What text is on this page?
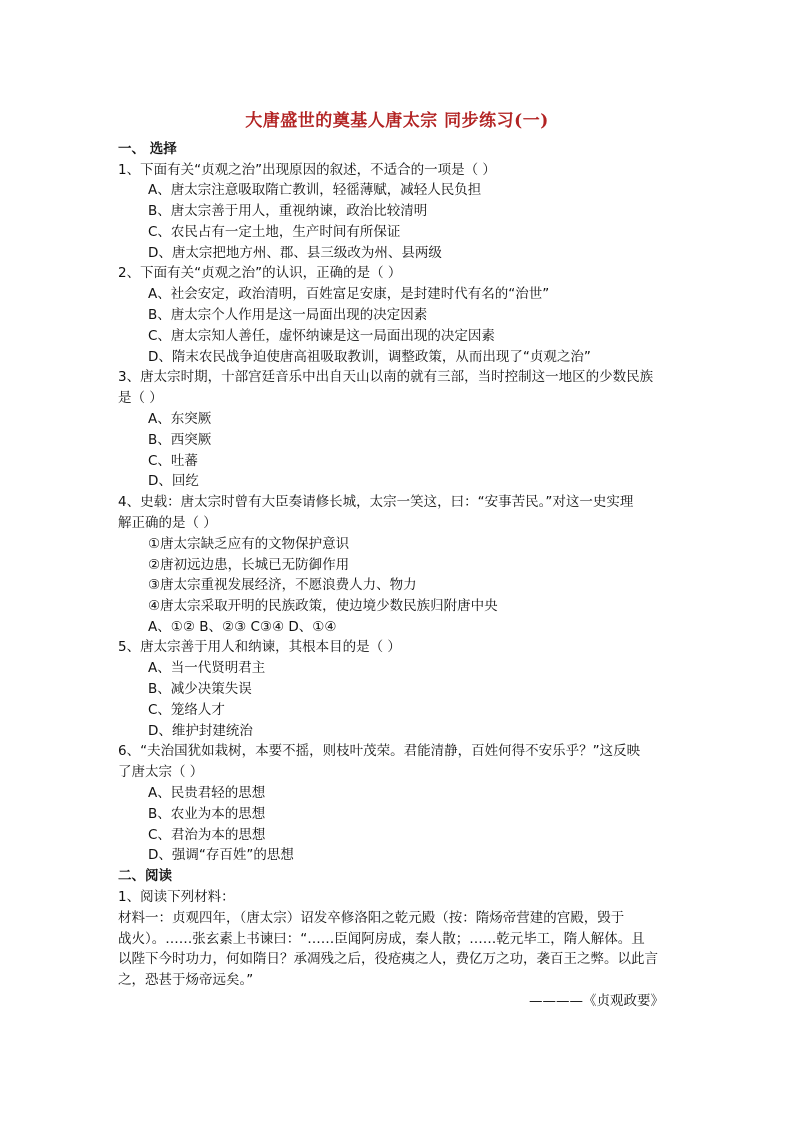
大唐盛世的奠基人唐太宗 同步练习(一)
一、 选择
1、下面有关“贞观之治”出现原因的叙述，不适合的一项是（ ）
A、唐太宗注意吸取隋亡教训，轻徭薄赋，减轻人民负担
B、唐太宗善于用人，重视纳谏，政治比较清明
C、农民占有一定土地，生产时间有所保证
D、唐太宗把地方州、郡、县三级改为州、县两级
2、下面有关“贞观之治”的认识，正确的是（ ）
A、社会安定，政治清明，百姓富足安康，是封建时代有名的“治世”
B、唐太宗个人作用是这一局面出现的决定因素
C、唐太宗知人善任，虚怀纳谏是这一局面出现的决定因素
D、隋末农民战争迫使唐高祖吸取教训，调整政策，从而出现了“贞观之治”
3、唐太宗时期，十部宫廷音乐中出自天山以南的就有三部，当时控制这一地区的少数民族
是（ ）
A、东突厥
B、西突厥
C、吐蕃
D、回纥
4、史载：唐太宗时曾有大臣奏请修长城，太宗一笑这，曰：“安事苦民。”对这一史实理
解正确的是（ ）
①唐太宗缺乏应有的文物保护意识
②唐初远边患，长城已无防御作用
③唐太宗重视发展经济，不愿浪费人力、物力
④唐太宗采取开明的民族政策，使边境少数民族归附唐中央
A、①② B、②③ C③④ D、①④
5、唐太宗善于用人和纳谏，其根本目的是（ ）
A、当一代贤明君主
B、减少决策失误
C、笼络人才
D、维护封建统治
6、“夫治国犹如栽树，本要不摇，则枝叶茂荣。君能清静，百姓何得不安乐乎？”这反映
了唐太宗（ ）
A、民贵君轻的思想
B、农业为本的思想
C、君治为本的思想
D、强调“存百姓”的思想
二、阅读
1、阅读下列材料：
材料一：贞观四年，（唐太宗）诏发卒修洛阳之乾元殿（按：隋炀帝营建的宫殿，毁于
战火）。……张玄素上书谏曰：“……臣闻阿房成，秦人散；……乾元毕工，隋人解体。且
以陛下今时功力，何如隋日？承凋残之后，役疮痍之人，费亿万之功，袭百王之弊。以此言
之，恐甚于炀帝远矣。”
————《贞观政要》
